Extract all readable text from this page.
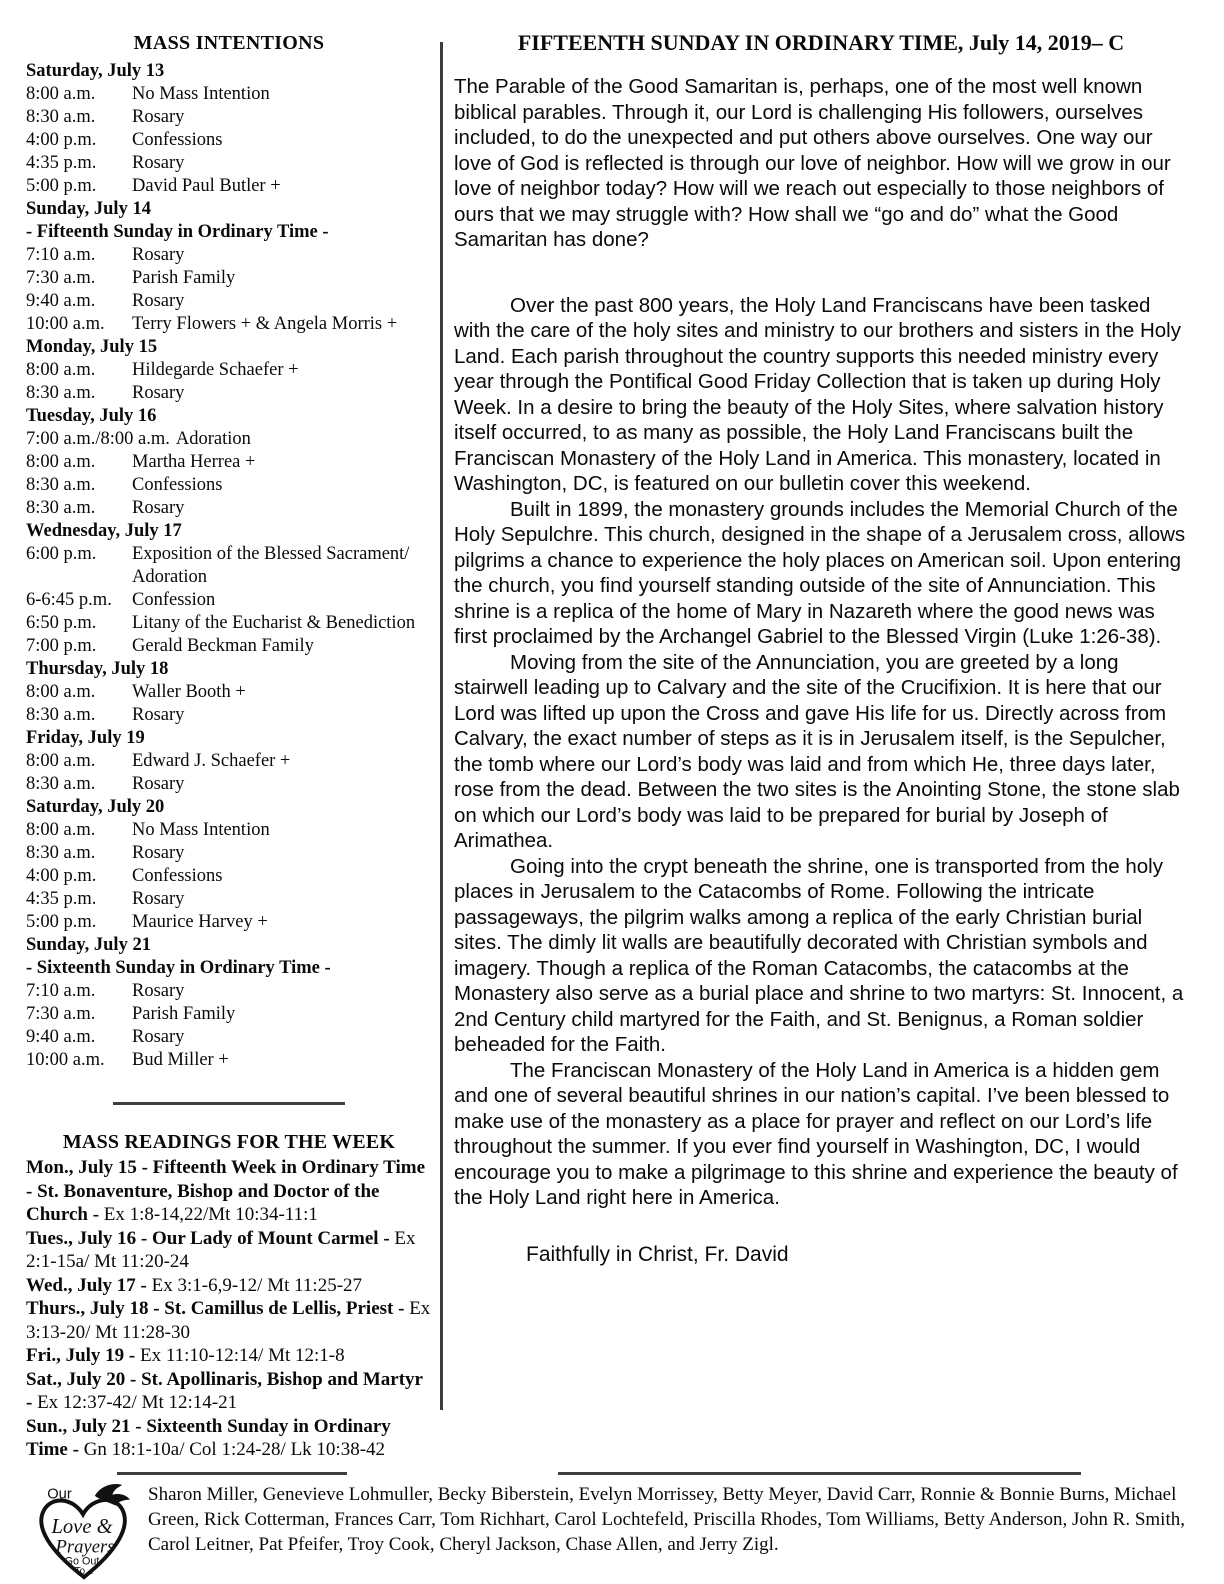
MASS INTENTIONS
Saturday, July 13
8:00 a.m.	No Mass Intention
8:30 a.m.	Rosary
4:00 p.m.	Confessions
4:35 p.m.	Rosary
5:00 p.m.	David Paul Butler +
Sunday, July 14
- Fifteenth Sunday in Ordinary Time -
7:10 a.m.	Rosary
7:30 a.m.	Parish Family
9:40 a.m.	Rosary
10:00 a.m.	Terry Flowers + & Angela Morris +
Monday, July 15
8:00 a.m.	Hildegarde Schaefer +
8:30 a.m.	Rosary
Tuesday, July 16
7:00 a.m./8:00 a.m. Adoration
8:00 a.m.	Martha Herrea +
8:30 a.m.	Confessions
8:30 a.m.	Rosary
Wednesday, July 17
6:00 p.m.	Exposition of the Blessed Sacrament/ Adoration
6-6:45 p.m.	Confession
6:50 p.m.	Litany of the Eucharist & Benediction
7:00 p.m.	Gerald Beckman Family
Thursday, July 18
8:00 a.m.	Waller Booth +
8:30 a.m.	Rosary
Friday, July 19
8:00 a.m.	Edward J. Schaefer +
8:30 a.m.	Rosary
Saturday, July 20
8:00 a.m.	No Mass Intention
8:30 a.m.	Rosary
4:00 p.m.	Confessions
4:35 p.m.	Rosary
5:00 p.m.	Maurice Harvey +
Sunday, July 21
- Sixteenth Sunday in Ordinary Time -
7:10 a.m.	Rosary
7:30 a.m.	Parish Family
9:40 a.m.	Rosary
10:00 a.m.	Bud Miller +
MASS READINGS FOR THE WEEK

Mon., July 15 - Fifteenth Week in Ordinary Time - St. Bonaventure, Bishop and Doctor of the Church - Ex 1:8-14,22/Mt 10:34-11:1

Tues., July 16 - Our Lady of Mount Carmel - Ex 2:1-15a/ Mt 11:20-24

Wed., July 17 - Ex 3:1-6,9-12/ Mt 11:25-27

Thurs., July 18 - St. Camillus de Lellis, Priest - Ex 3:13-20/ Mt 11:28-30

Fri., July 19 - Ex 11:10-12:14/ Mt 12:1-8

Sat., July 20 - St. Apollinaris, Bishop and Martyr - Ex 12:37-42/ Mt 12:14-21

Sun., July 21 - Sixteenth Sunday in Ordinary Time - Gn 18:1-10a/ Col 1:24-28/ Lk 10:38-42

FIFTEENTH SUNDAY IN ORDINARY TIME, July 14, 2019– C

The Parable of the Good Samaritan is, perhaps, one of the most well known biblical parables. Through it, our Lord is challenging His followers, ourselves included, to do the unexpected and put others above ourselves. One way our love of God is reflected is through our love of neighbor. How will we grow in our love of neighbor today? How will we reach out especially to those neighbors of ours that we may struggle with? How shall we “go and do” what the Good Samaritan has done?

Over the past 800 years, the Holy Land Franciscans have been tasked with the care of the holy sites and ministry to our brothers and sisters in the Holy Land. Each parish throughout the country supports this needed ministry every year through the Pontifical Good Friday Collection that is taken up during Holy Week. In a desire to bring the beauty of the Holy Sites, where salvation history itself occurred, to as many as possible, the Holy Land Franciscans built the Franciscan Monastery of the Holy Land in America. This monastery, located in Washington, DC, is featured on our bulletin cover this weekend.

Built in 1899, the monastery grounds includes the Memorial Church of the Holy Sepulchre. This church, designed in the shape of a Jerusalem cross, allows pilgrims a chance to experience the holy places on American soil. Upon entering the church, you find yourself standing outside of the site of Annunciation. This shrine is a replica of the home of Mary in Nazareth where the good news was first proclaimed by the Archangel Gabriel to the Blessed Virgin (Luke 1:26-38).

Moving from the site of the Annunciation, you are greeted by a long stairwell leading up to Calvary and the site of the Crucifixion. It is here that our Lord was lifted up upon the Cross and gave His life for us. Directly across from Calvary, the exact number of steps as it is in Jerusalem itself, is the Sepulcher, the tomb where our Lord’s body was laid and from which He, three days later, rose from the dead. Between the two sites is the Anointing Stone, the stone slab on which our Lord’s body was laid to be prepared for burial by Joseph of Arimathea.

Going into the crypt beneath the shrine, one is transported from the holy places in Jerusalem to the Catacombs of Rome. Following the intricate passageways, the pilgrim walks among a replica of the early Christian burial sites. The dimly lit walls are beautifully decorated with Christian symbols and imagery. Though a replica of the Roman Catacombs, the catacombs at the Monastery also serve as a burial place and shrine to two martyrs: St. Innocent, a 2nd Century child martyred for the Faith, and St. Benignus, a Roman soldier beheaded for the Faith.

The Franciscan Monastery of the Holy Land in America is a hidden gem and one of several beautiful shrines in our nation’s capital. I’ve been blessed to make use of the monastery as a place for prayer and reflect on our Lord’s life throughout the summer. If you ever find yourself in Washington, DC, I would encourage you to make a pilgrimage to this shrine and experience the beauty of the Holy Land right here in America.

Faithfully in Christ, Fr. David
Our
Love &
Prayers
Go Out
To...

Sharon Miller, Genevieve Lohmuller, Becky Biberstein, Evelyn Morrissey, Betty Meyer, David Carr, Ronnie & Bonnie Burns, Michael Green, Rick Cotterman, Frances Carr, Tom Richhart, Carol Lochtefeld, Priscilla Rhodes, Tom Williams, Betty Anderson, John R. Smith, Carol Leitner, Pat Pfeifer, Troy Cook, Cheryl Jackson, Chase Allen, and Jerry Zigl.
